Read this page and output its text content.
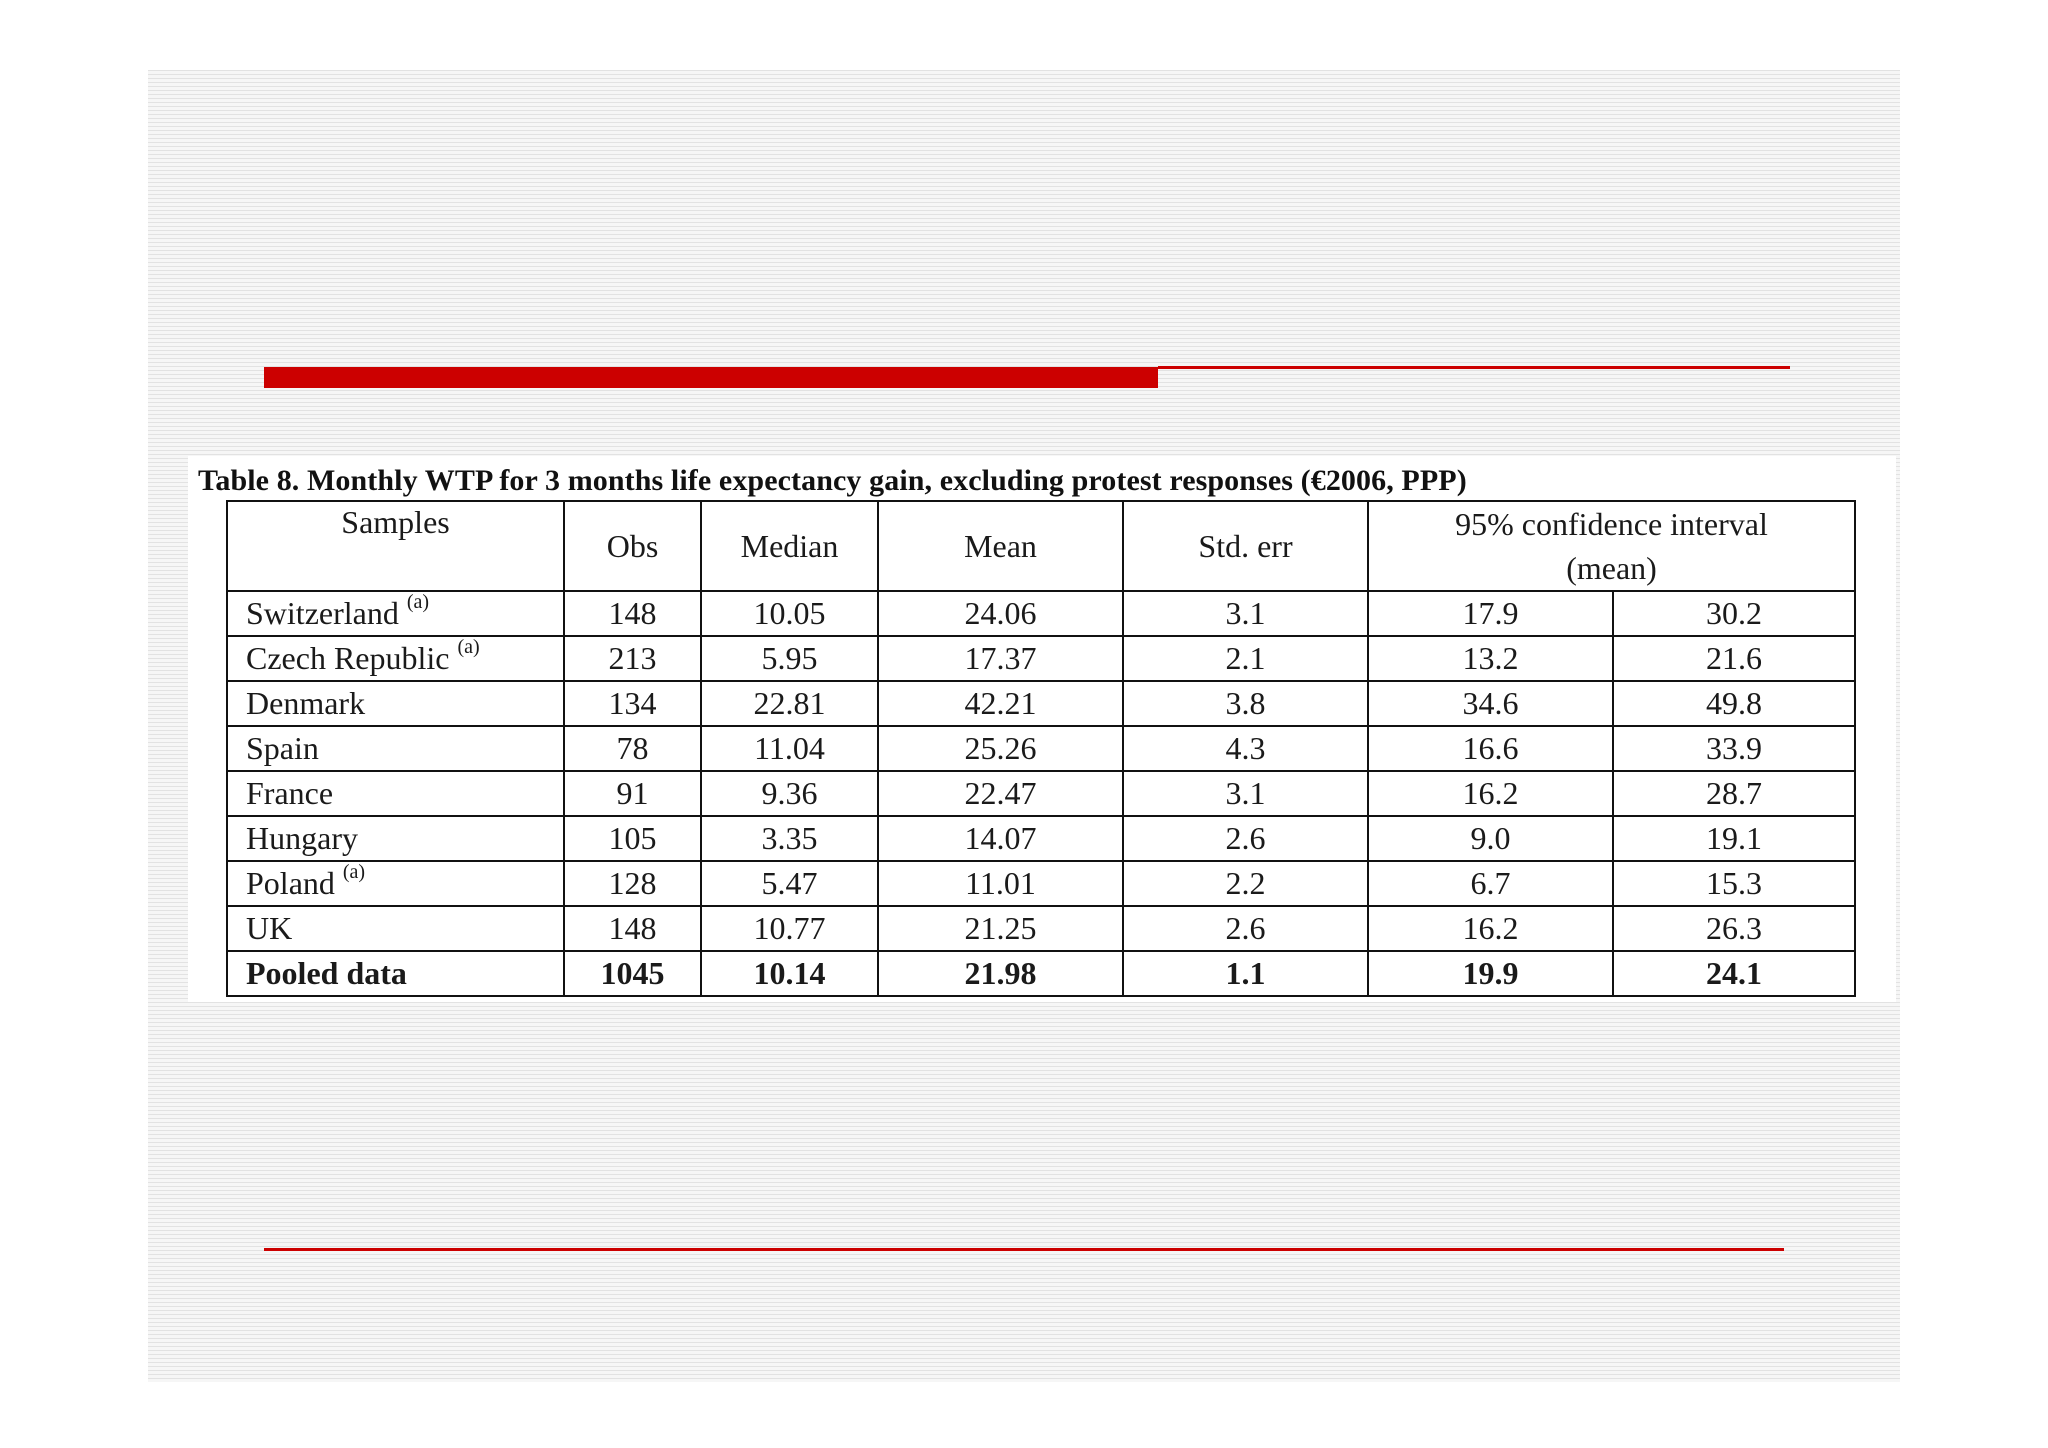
Table 8. Monthly WTP for 3 months life expectancy gain, excluding protest responses (€2006, PPP)
Samples	Obs	Median	Mean	Std. err	95% confidence interval
(mean)	
Switzerland $^{(a)}$	148	10.05	24.06	3.1	17.9	30.2
Czech Republic $^{(a)}$	213	5.95	17.37	2.1	13.2	21.6
Denmark	134	22.81	42.21	3.8	34.6	49.8
Spain	78	11.04	25.26	4.3	16.6	33.9
France	91	9.36	22.47	3.1	16.2	28.7
Hungary	105	3.35	14.07	2.6	9.0	19.1
Poland $^{(a)}$	128	5.47	11.01	2.2	6.7	15.3
UK	148	10.77	21.25	2.6	16.2	26.3
Pooled data	1045	10.14	21.98	1.1	19.9	24.1
